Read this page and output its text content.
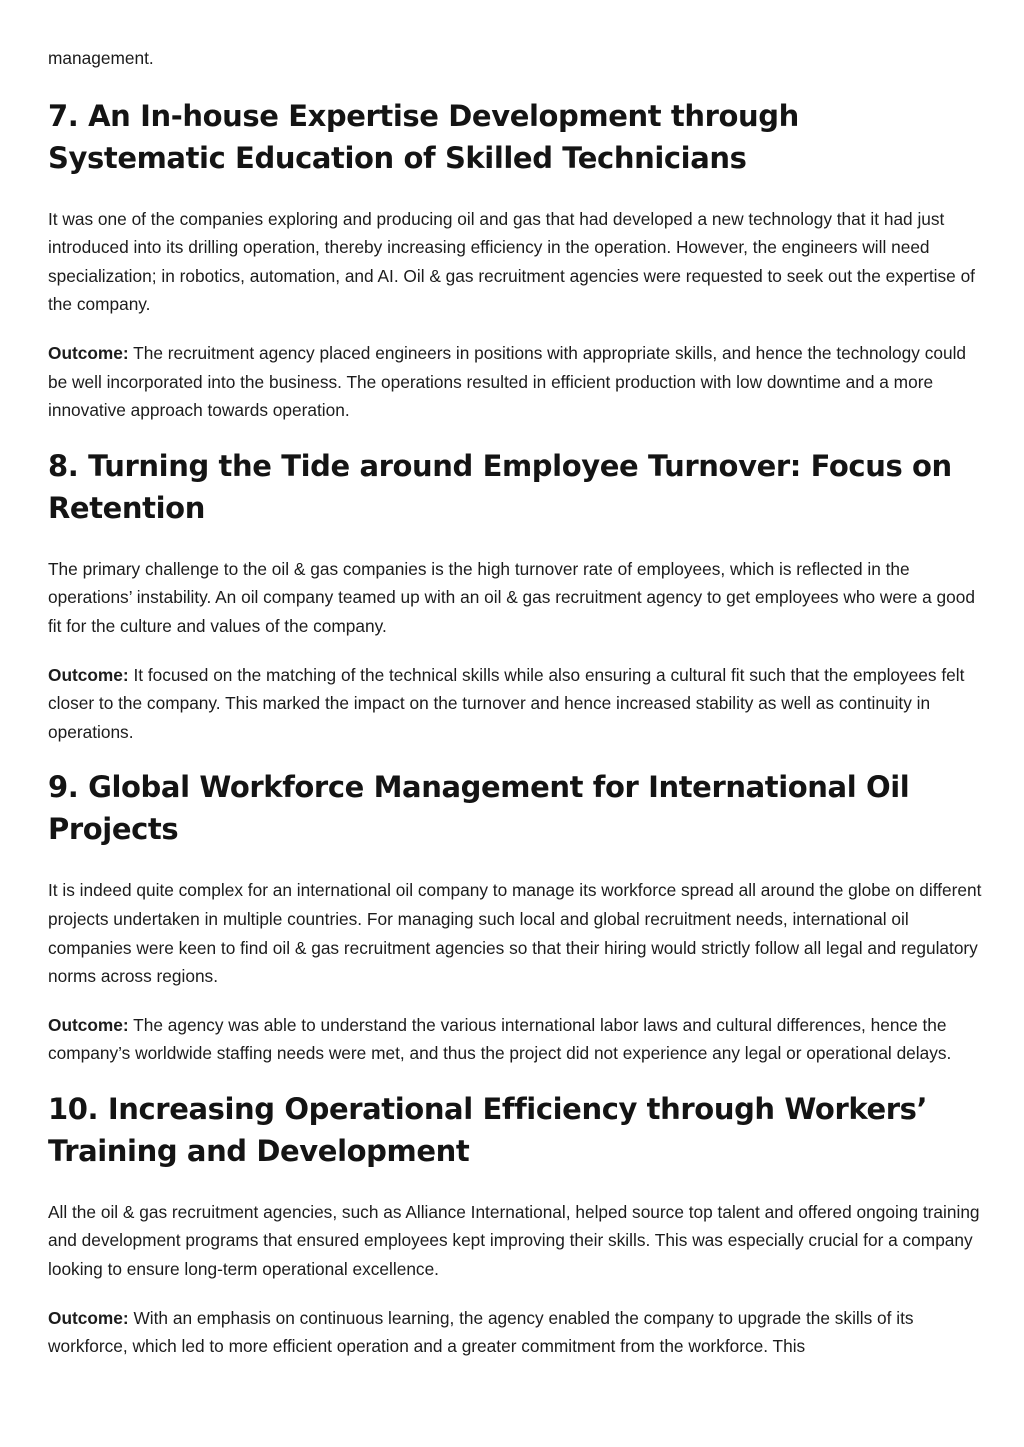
management.

7. An In-house Expertise Development through Systematic Education of Skilled Technicians

It was one of the companies exploring and producing oil and gas that had developed a new technology that it had just introduced into its drilling operation, thereby increasing efficiency in the operation. However, the engineers will need specialization; in robotics, automation, and AI. Oil & gas recruitment agencies were requested to seek out the expertise of the company.

Outcome: The recruitment agency placed engineers in positions with appropriate skills, and hence the technology could be well incorporated into the business. The operations resulted in efficient production with low downtime and a more innovative approach towards operation.

8. Turning the Tide around Employee Turnover: Focus on Retention

The primary challenge to the oil & gas companies is the high turnover rate of employees, which is reflected in the operations’ instability. An oil company teamed up with an oil & gas recruitment agency to get employees who were a good fit for the culture and values of the company.

Outcome: It focused on the matching of the technical skills while also ensuring a cultural fit such that the employees felt closer to the company. This marked the impact on the turnover and hence increased stability as well as continuity in operations.

9. Global Workforce Management for International Oil Projects

It is indeed quite complex for an international oil company to manage its workforce spread all around the globe on different projects undertaken in multiple countries. For managing such local and global recruitment needs, international oil companies were keen to find oil & gas recruitment agencies so that their hiring would strictly follow all legal and regulatory norms across regions.

Outcome: The agency was able to understand the various international labor laws and cultural differences, hence the company’s worldwide staffing needs were met, and thus the project did not experience any legal or operational delays.

10. Increasing Operational Efficiency through Workers’ Training and Development

All the oil & gas recruitment agencies, such as Alliance International, helped source top talent and offered ongoing training and development programs that ensured employees kept improving their skills. This was especially crucial for a company looking to ensure long-term operational excellence.

Outcome: With an emphasis on continuous learning, the agency enabled the company to upgrade the skills of its workforce, which led to more efficient operation and a greater commitment from the workforce. This
